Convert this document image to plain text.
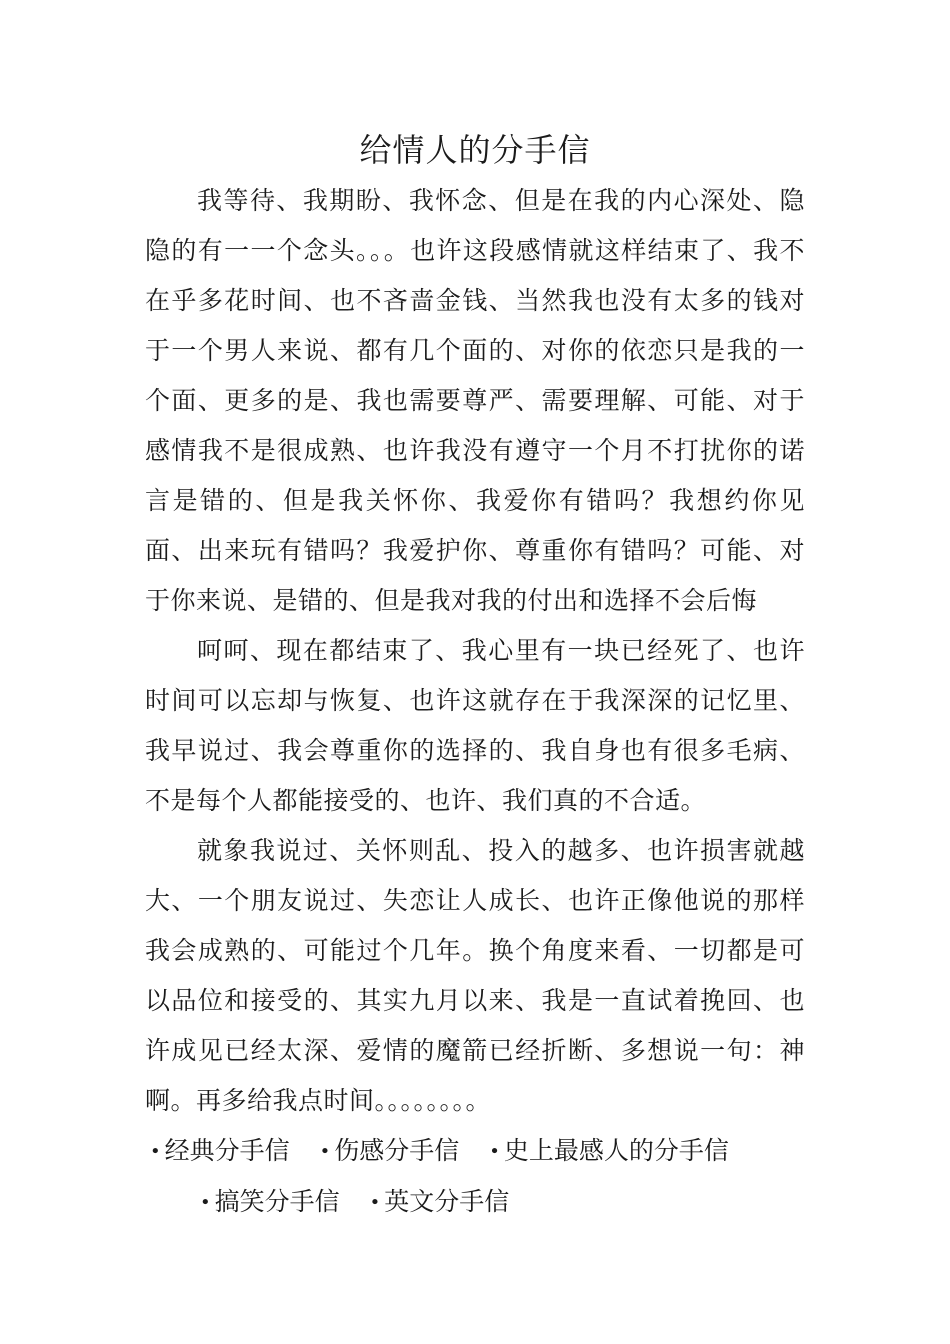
给情人的分手信

我等待、我期盼、我怀念、但是在我的内心深处、隐隐的有一一个念头。。。也许这段感情就这样结束了、我不在乎多花时间、也不吝啬金钱、当然我也没有太多的钱对于一个男人来说、都有几个面的、对你的依恋只是我的一个面、更多的是、我也需要尊严、需要理解、可能、对于感情我不是很成熟、也许我没有遵守一个月不打扰你的诺言是错的、但是我关怀你、我爱你有错吗？我想约你见面、出来玩有错吗？我爱护你、尊重你有错吗？可能、对于你来说、是错的、但是我对我的付出和选择不会后悔

呵呵、现在都结束了、我心里有一块已经死了、也许时间可以忘却与恢复、也许这就存在于我深深的记忆里、我早说过、我会尊重你的选择的、我自身也有很多毛病、不是每个人都能接受的、也许、我们真的不合适。

就象我说过、关怀则乱、投入的越多、也许损害就越大、一个朋友说过、失恋让人成长、也许正像他说的那样我会成熟的、可能过个几年。换个角度来看、一切都是可以品位和接受的、其实九月以来、我是一直试着挽回、也许成见已经太深、爱情的魔箭已经折断、多想说一句：神啊。再多给我点时间。。。。。。。。

• 经典分手信 • 伤感分手信 • 史上最感人的分手信 • 搞笑分手信 • 英文分手信
